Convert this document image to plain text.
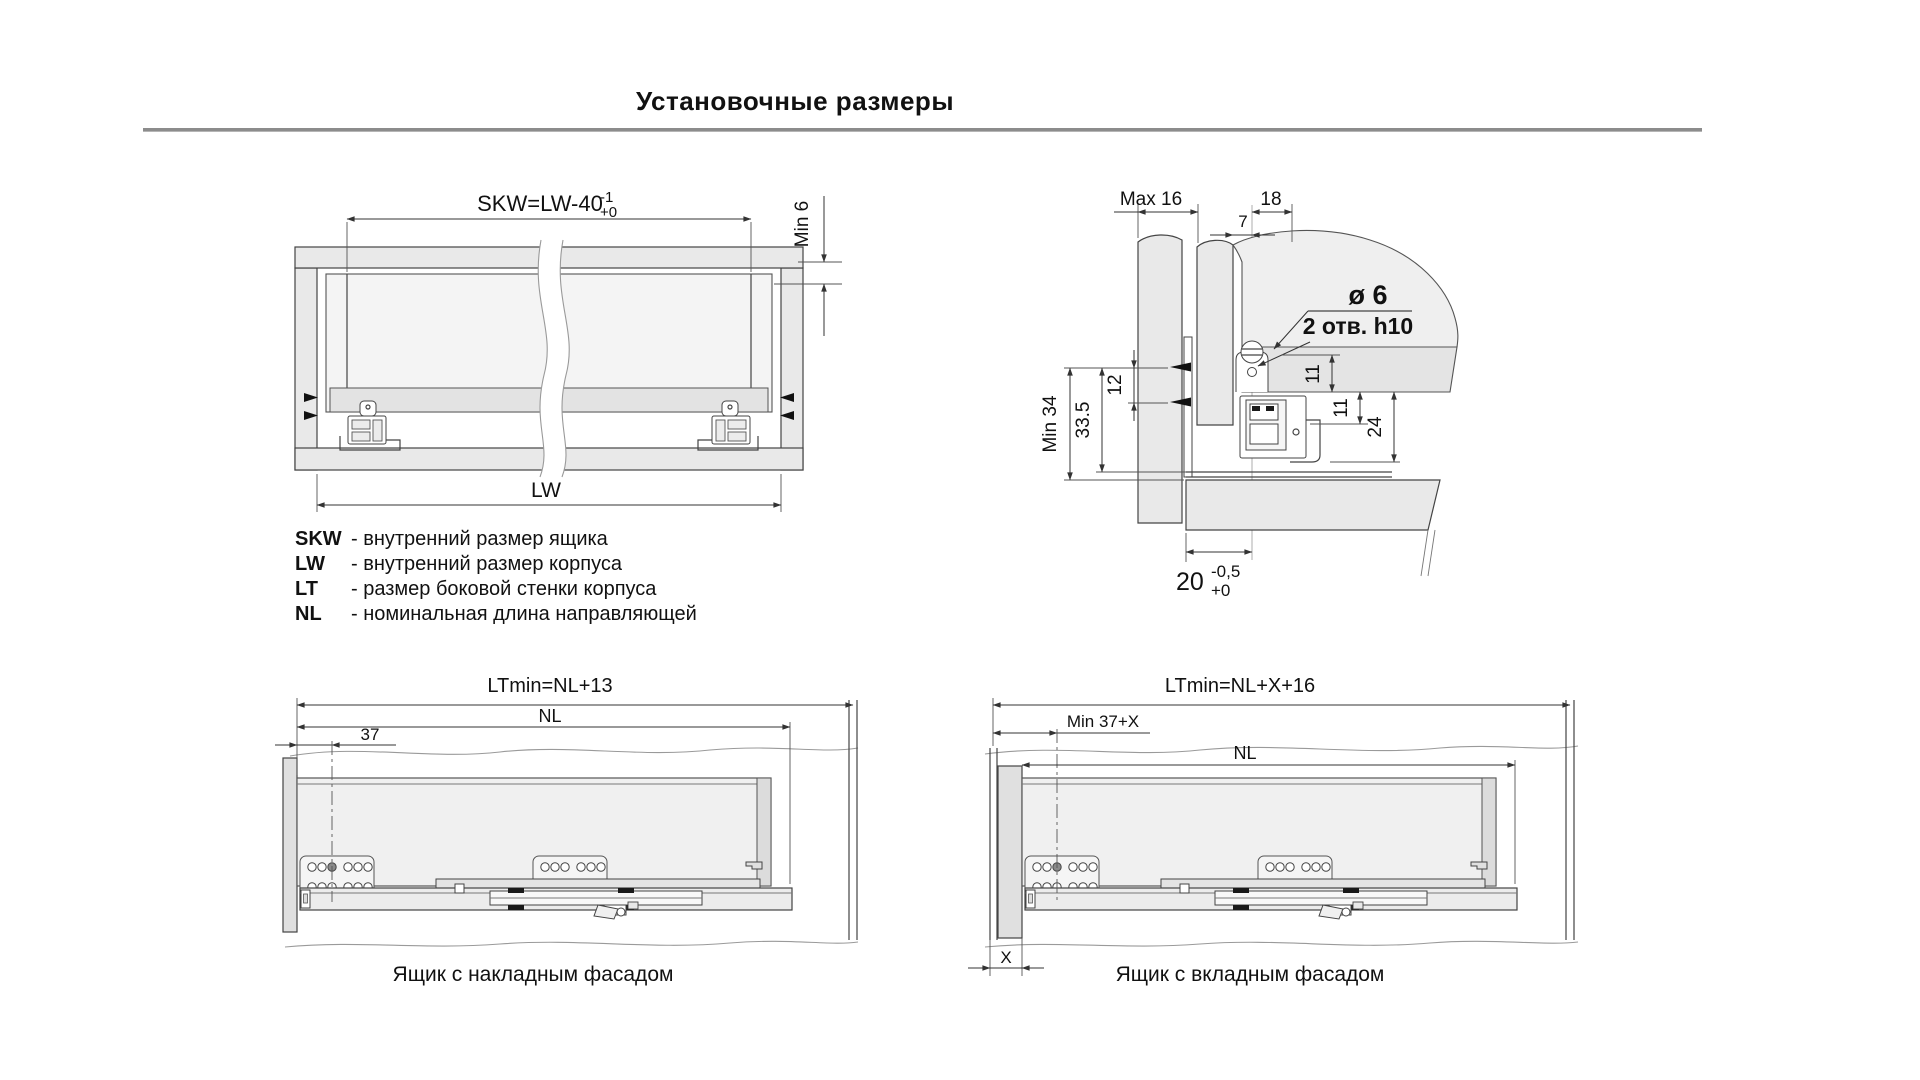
Установочные размеры
SKW=LW-40
-1
+0	Min 6
LW
Max 16	18
7
ø 6
2 отв. h10
Min 34 33.5
12
11
11
24
20 -0,5
+0
LTmin=NL+13
NL
37
Ящик с накладным фасадом
LTmin=NL+X+16
Min 37+X
NL
X
Ящик с вкладным фасадом
SKW - внутренний размер ящика
LW	- внутренний размер корпуса
LT	- размер боковой стенки корпуса
NL	- номинальная длина направляющей
